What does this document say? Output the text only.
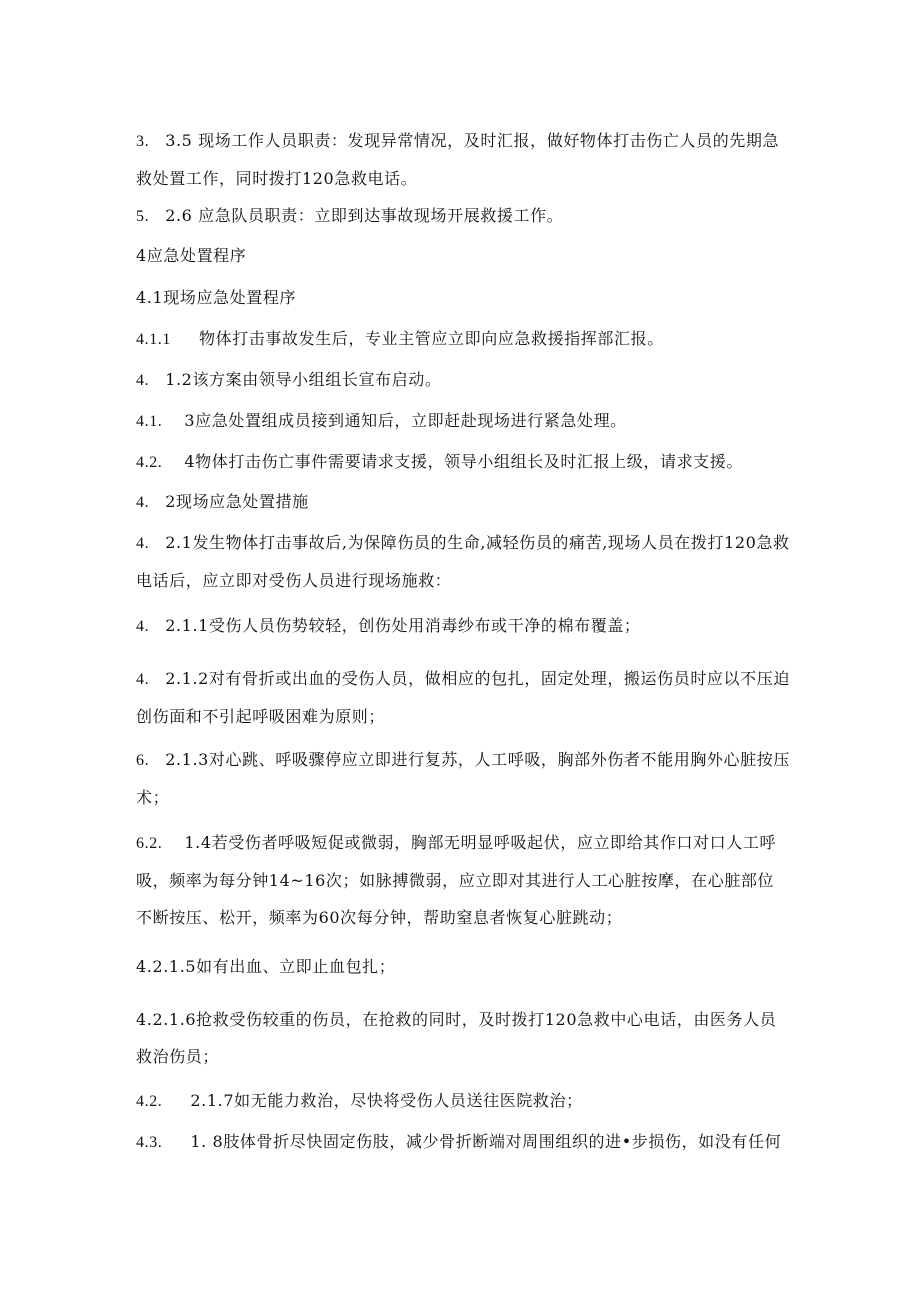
3. 3.5 现场工作人员职责：发现异常情况，及时汇报，做好物体打击伤亡人员的先期急救处置工作，同时拨打120急救电话。

5. 2.6 应急队员职责：立即到达事故现场开展救援工作。

4应急处置程序

4.1现场应急处置程序

4.1.1 物体打击事故发生后，专业主管应立即向应急救援指挥部汇报。

4. 1.2该方案由领导小组组长宣布启动。

4.1. 3应急处置组成员接到通知后，立即赶赴现场进行紧急处理。

4.2. 4物体打击伤亡事件需要请求支援，领导小组组长及时汇报上级，请求支援。

4. 2现场应急处置措施

4. 2.1发生物体打击事故后,为保障伤员的生命,减轻伤员的痛苦,现场人员在拨打120急救电话后，应立即对受伤人员进行现场施救：

4. 2.1.1受伤人员伤势较轻，创伤处用消毒纱布或干净的棉布覆盖；

4. 2.1.2对有骨折或出血的受伤人员，做相应的包扎，固定处理，搬运伤员时应以不压迫创伤面和不引起呼吸困难为原则；

6. 2.1.3对心跳、呼吸骤停应立即进行复苏，人工呼吸，胸部外伤者不能用胸外心脏按压术；

6.2. 1.4若受伤者呼吸短促或微弱，胸部无明显呼吸起伏，应立即给其作口对口人工呼吸，频率为每分钟14~16次；如脉搏微弱，应立即对其进行人工心脏按摩，在心脏部位不断按压、松开，频率为60次每分钟，帮助窒息者恢复心脏跳动；

4.2.1.5如有出血、立即止血包扎；

4.2.1.6抢救受伤较重的伤员，在抢救的同时，及时拨打120急救中心电话，由医务人员救治伤员；

4.2. 2.1.7如无能力救治，尽快将受伤人员送往医院救治；

4.3. 1. 8肢体骨折尽快固定伤肢，减少骨折断端对周围组织的进•步损伤，如没有任何
